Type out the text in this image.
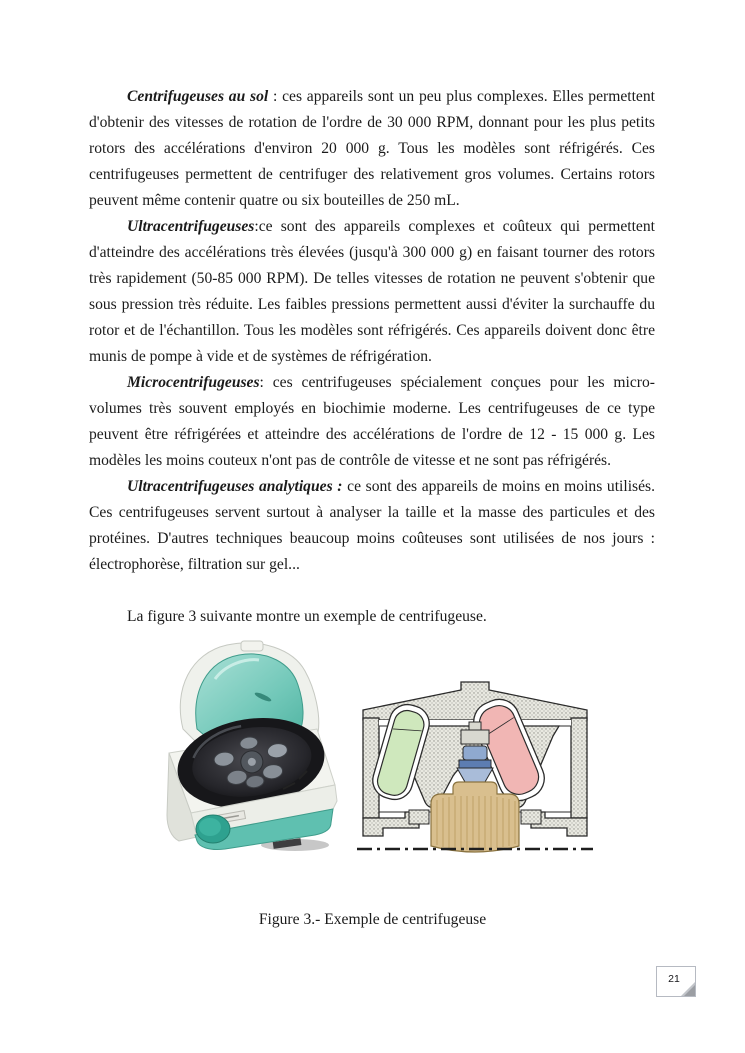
Centrifugeuses au sol : ces appareils sont un peu plus complexes. Elles permettent d'obtenir des vitesses de rotation de l'ordre de 30 000 RPM, donnant pour les plus petits rotors des accélérations d'environ 20 000 g. Tous les modèles sont réfrigérés. Ces centrifugeuses permettent de centrifuger des relativement gros volumes. Certains rotors peuvent même contenir quatre ou six bouteilles de 250 mL.

Ultracentrifugeuses:ce sont des appareils complexes et coûteux qui permettent d'atteindre des accélérations très élevées (jusqu'à 300 000 g) en faisant tourner des rotors très rapidement (50-85 000 RPM). De telles vitesses de rotation ne peuvent s'obtenir que sous pression très réduite. Les faibles pressions permettent aussi d'éviter la surchauffe du rotor et de l'échantillon. Tous les modèles sont réfrigérés. Ces appareils doivent donc être munis de pompe à vide et de systèmes de réfrigération.

Microcentrifugeuses: ces centrifugeuses spécialement conçues pour les micro-volumes très souvent employés en biochimie moderne. Les centrifugeuses de ce type peuvent être réfrigérées et atteindre des accélérations de l'ordre de 12 - 15 000 g. Les modèles les moins couteux n'ont pas de contrôle de vitesse et ne sont pas réfrigérés.

Ultracentrifugeuses analytiques : ce sont des appareils de moins en moins utilisés. Ces centrifugeuses servent surtout à analyser la taille et la masse des particules et des protéines. D'autres techniques beaucoup moins coûteuses sont utilisées de nos jours : électrophorèse, filtration sur gel...

La figure 3 suivante montre un exemple de centrifugeuse.

Figure 3.- Exemple de centrifugeuse
21
